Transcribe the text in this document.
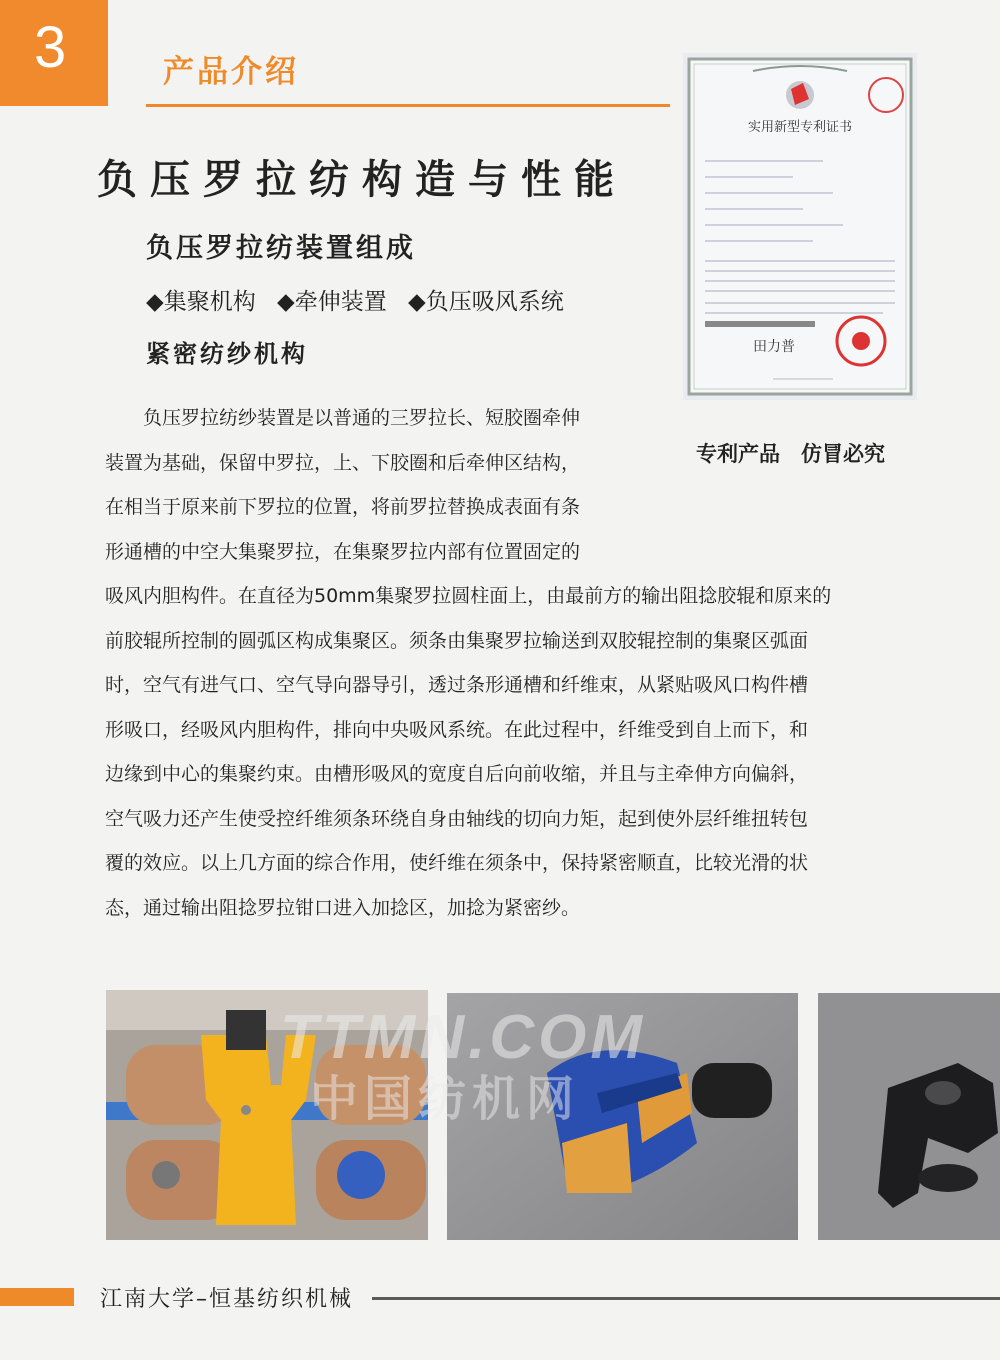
3	产品介绍
负压罗拉纺构造与性能
负压罗拉纺装置组成
◆集聚机构 ◆牵伸装置 ◆负压吸风系统
紧密纺纱机构
实用新型专利证书
田力普
专利产品　仿冒必究
负压罗拉纺纱装置是以普通的三罗拉长、短胶圈牵伸
装置为基础，保留中罗拉，上、下胶圈和后牵伸区结构，
在相当于原来前下罗拉的位置，将前罗拉替换成表面有条
形通槽的中空大集聚罗拉，在集聚罗拉内部有位置固定的
吸风内胆构件。在直径为50mm集聚罗拉圆柱面上，由最前方的输出阻捻胶辊和原来的
前胶辊所控制的圆弧区构成集聚区。须条由集聚罗拉输送到双胶辊控制的集聚区弧面
时，空气有进气口、空气导向器导引，透过条形通槽和纤维束，从紧贴吸风口构件槽
形吸口，经吸风内胆构件，排向中央吸风系统。在此过程中，纤维受到自上而下，和
边缘到中心的集聚约束。由槽形吸风的宽度自后向前收缩，并且与主牵伸方向偏斜，
空气吸力还产生使受控纤维须条环绕自身由轴线的切向力矩，起到使外层纤维扭转包
覆的效应。以上几方面的综合作用，使纤维在须条中，保持紧密顺直，比较光滑的状
态，通过输出阻捻罗拉钳口进入加捻区，加捻为紧密纱。
TTMN.COM
中国纺机网
江南大学–恒基纺织机械
